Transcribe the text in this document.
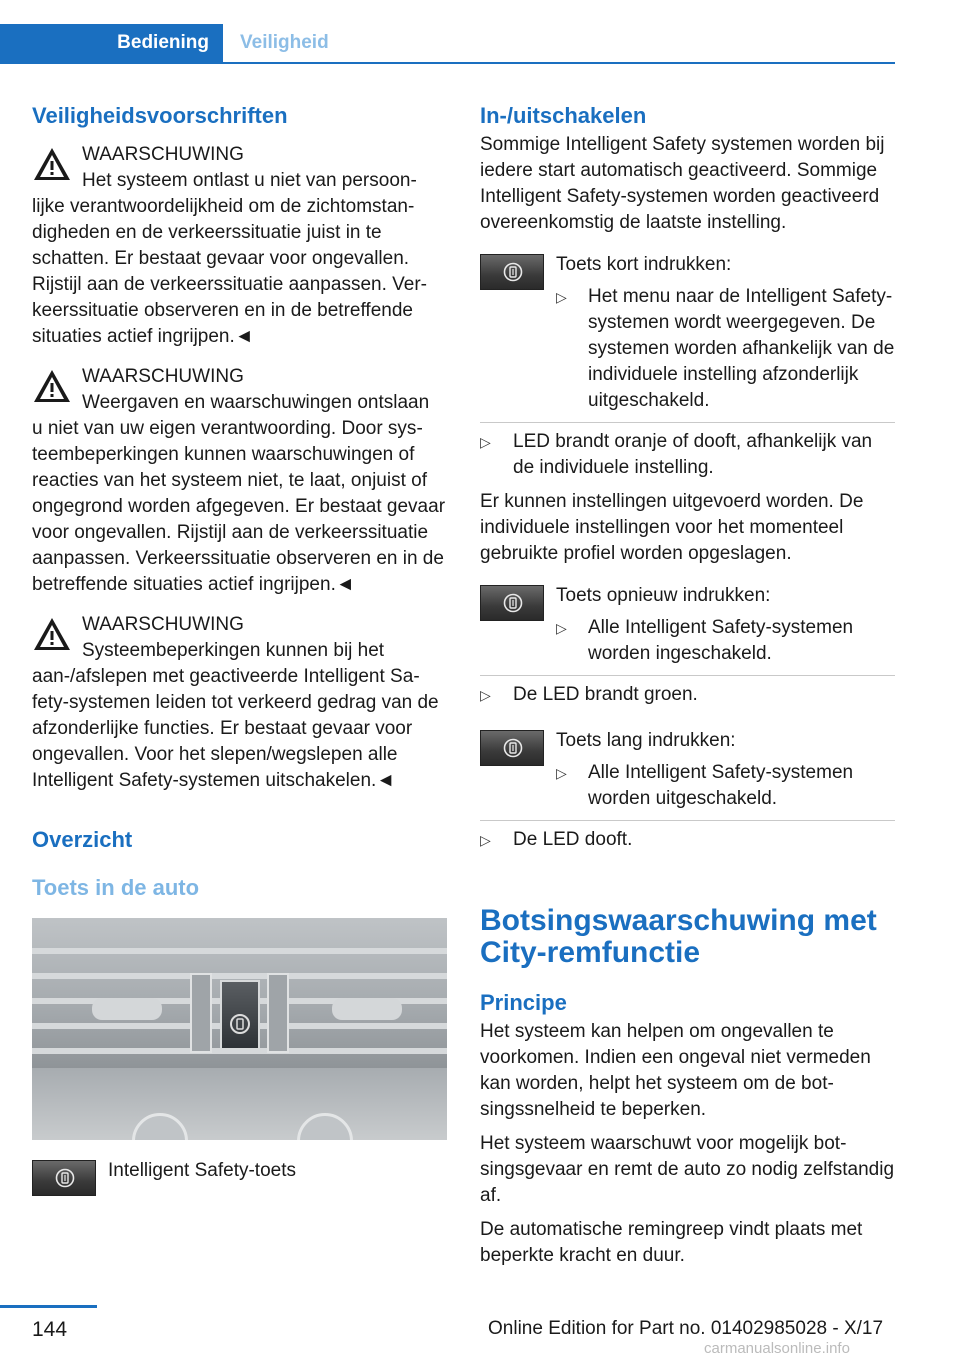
Bediening	Veiligheid
Veiligheidsvoorschriften

WAARSCHUWING

Het systeem ontlast u niet van persoon-

lijke verantwoordelijkheid om de zichtomstandigheden en de verkeerssituatie juist in te schatten. Er bestaat gevaar voor ongevallen. Rijstijl aan de verkeerssituatie aanpassen. Verkeerssituatie observeren en in de betreffende situaties actief ingrijpen.◄

WAARSCHUWING

Weergaven en waarschuwingen ontslaan

u niet van uw eigen verantwoording. Door systeembeperkingen kunnen waarschuwingen of reacties van het systeem niet, te laat, onjuist of ongegrond worden afgegeven. Er bestaat gevaar voor ongevallen. Rijstijl aan de verkeerssituatie aanpassen. Verkeerssituatie observeren en in de betreffende situaties actief ingrijpen.◄

WAARSCHUWING

Systeembeperkingen kunnen bij het

aan-/afslepen met geactiveerde Intelligent Safety-systemen leiden tot verkeerd gedrag van de afzonderlijke functies. Er bestaat gevaar voor ongevallen. Voor het slepen/wegslepen alle Intelligent Safety-systemen uitschakelen.◄

Overzicht
Toets in de auto

Intelligent Safety-toets

In-/uitschakelen

Sommige Intelligent Safety systemen worden bij iedere start automatisch geactiveerd. Sommige Intelligent Safety-systemen worden geactiveerd overeenkomstig de laatste instelling.

Toets kort indrukken:

▷ Het menu naar de Intelligent Safety-systemen wordt weergegeven. De systemen worden afhankelijk van de individuele instelling afzonderlijk uitgeschakeld.

▷ LED brandt oranje of dooft, afhankelijk van de individuele instelling.

Er kunnen instellingen uitgevoerd worden. De individuele instellingen voor het momenteel gebruikte profiel worden opgeslagen.

Toets opnieuw indrukken:

▷ Alle Intelligent Safety-systemen worden ingeschakeld.

▷ De LED brandt groen.

Toets lang indrukken:

▷ Alle Intelligent Safety-systemen worden uitgeschakeld.

▷ De LED dooft.

Botsingswaarschuwing met City-remfunctie
Principe

Het systeem kan helpen om ongevallen te voorkomen. Indien een ongeval niet vermeden kan worden, helpt het systeem om de botsingssnelheid te beperken.

Het systeem waarschuwt voor mogelijk botsingsgevaar en remt de auto zo nodig zelfstandig af.

De automatische remingreep vindt plaats met beperkte kracht en duur.

144	Online Edition for Part no. 01402985028 - X/17
carmanualsonline.info
